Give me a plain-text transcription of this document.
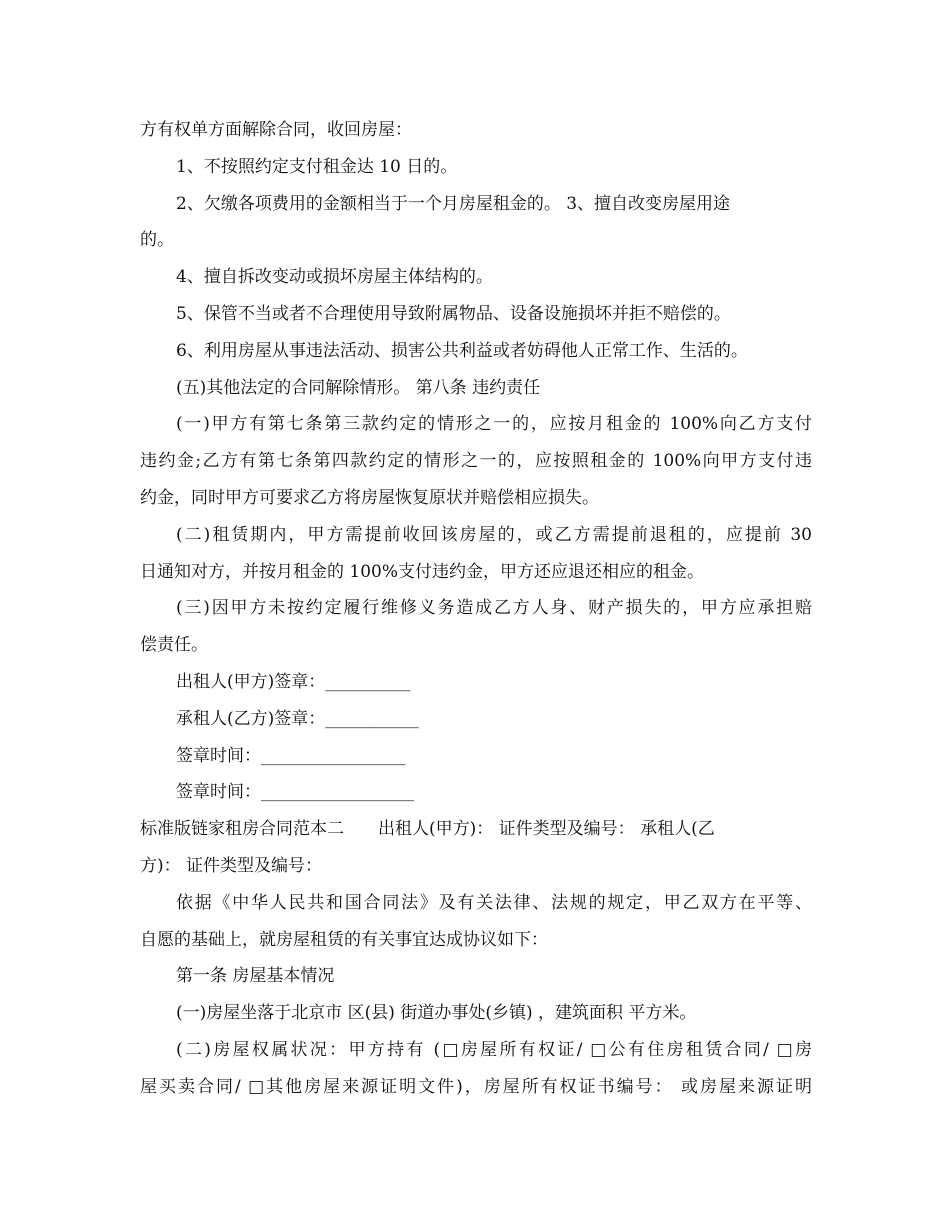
方有权单方面解除合同，收回房屋：
1、不按照约定支付租金达 10 日的。
2、欠缴各项费用的金额相当于一个月房屋租金的。 3、擅自改变房屋用途
的。
4、擅自拆改变动或损坏房屋主体结构的。
5、保管不当或者不合理使用导致附属物品、设备设施损坏并拒不赔偿的。
6、利用房屋从事违法活动、损害公共利益或者妨碍他人正常工作、生活的。
(五)其他法定的合同解除情形。 第八条 违约责任
(一)甲方有第七条第三款约定的情形之一的，应按月租金的 100%向乙方支付
违约金;乙方有第七条第四款约定的情形之一的，应按照租金的 100%向甲方支付违
约金，同时甲方可要求乙方将房屋恢复原状并赔偿相应损失。
(二)租赁期内，甲方需提前收回该房屋的，或乙方需提前退租的，应提前 30
日通知对方，并按月租金的 100%支付违约金，甲方还应退还相应的租金。
(三)因甲方未按约定履行维修义务造成乙方人身、财产损失的，甲方应承担赔
偿责任。
出租人(甲方)签章：__________
承租人(乙方)签章：___________
签章时间：_________________
签章时间：__________________
标准版链家租房合同范本二　　出租人(甲方)： 证件类型及编号： 承租人(乙
方)： 证件类型及编号：
依据《中华人民共和国合同法》及有关法律、法规的规定，甲乙双方在平等、
自愿的基础上，就房屋租赁的有关事宜达成协议如下：
第一条 房屋基本情况
(一)房屋坐落于北京市 区(县) 街道办事处(乡镇) ，建筑面积 平方米。
(二)房屋权属状况：甲方持有 (□房屋所有权证/ □公有住房租赁合同/ □房
屋买卖合同/ □其他房屋来源证明文件)，房屋所有权证书编号： 或房屋来源证明
